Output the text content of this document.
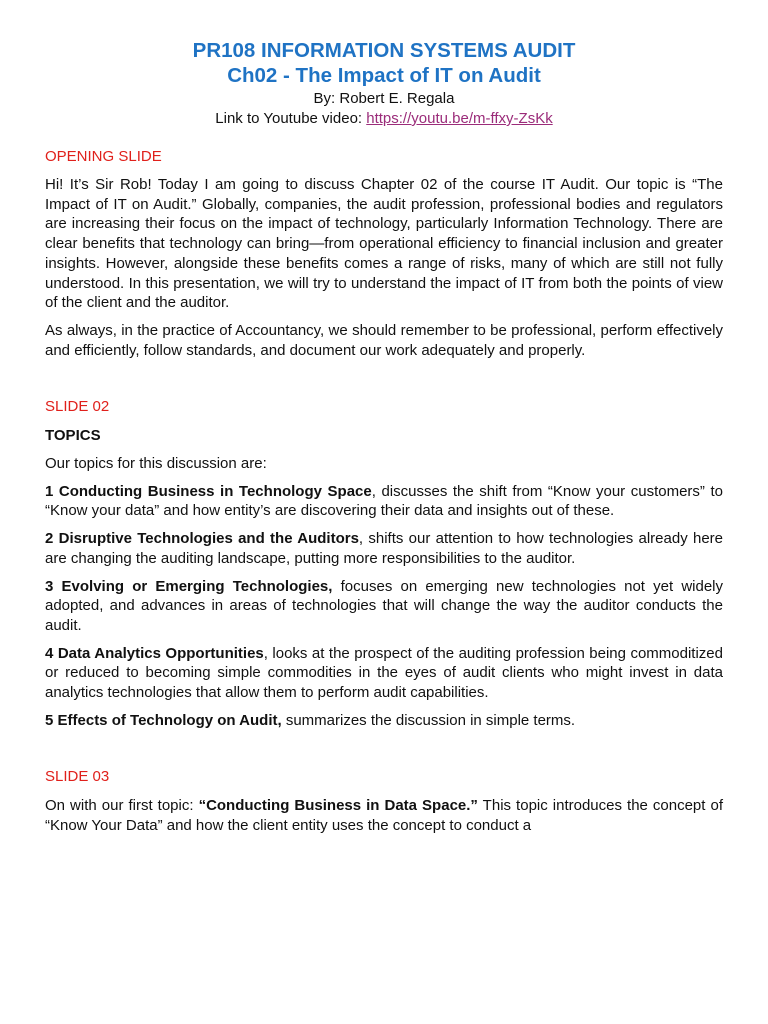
PR108 INFORMATION SYSTEMS AUDIT

Ch02 - The Impact of IT on Audit

By: Robert E. Regala

Link to Youtube video: https://youtu.be/m-ffxy-ZsKk

OPENING SLIDE

Hi! It’s Sir Rob! Today I am going to discuss Chapter 02 of the course IT Audit. Our topic is “The Impact of IT on Audit.” Globally, companies, the audit profession, professional bodies and regulators are increasing their focus on the impact of technology, particularly Information Technology. There are clear benefits that technology can bring—from operational efficiency to financial inclusion and greater insights. However, alongside these benefits comes a range of risks, many of which are still not fully understood. In this presentation, we will try to understand the impact of IT from both the points of view of the client and the auditor.

As always, in the practice of Accountancy, we should remember to be professional, perform effectively and efficiently, follow standards, and document our work adequately and properly.

SLIDE 02

TOPICS

Our topics for this discussion are:

1 Conducting Business in Technology Space, discusses the shift from “Know your customers” to “Know your data” and how entity’s are discovering their data and insights out of these.

2 Disruptive Technologies and the Auditors, shifts our attention to how technologies already here are changing the auditing landscape, putting more responsibilities to the auditor.

3 Evolving or Emerging Technologies, focuses on emerging new technologies not yet widely adopted, and advances in areas of technologies that will change the way the auditor conducts the audit.

4 Data Analytics Opportunities, looks at the prospect of the auditing profession being commoditized or reduced to becoming simple commodities in the eyes of audit clients who might invest in data analytics technologies that allow them to perform audit capabilities.

5 Effects of Technology on Audit, summarizes the discussion in simple terms.

SLIDE 03

On with our first topic: “Conducting Business in Data Space.” This topic introduces the concept of “Know Your Data” and how the client entity uses the concept to conduct a
